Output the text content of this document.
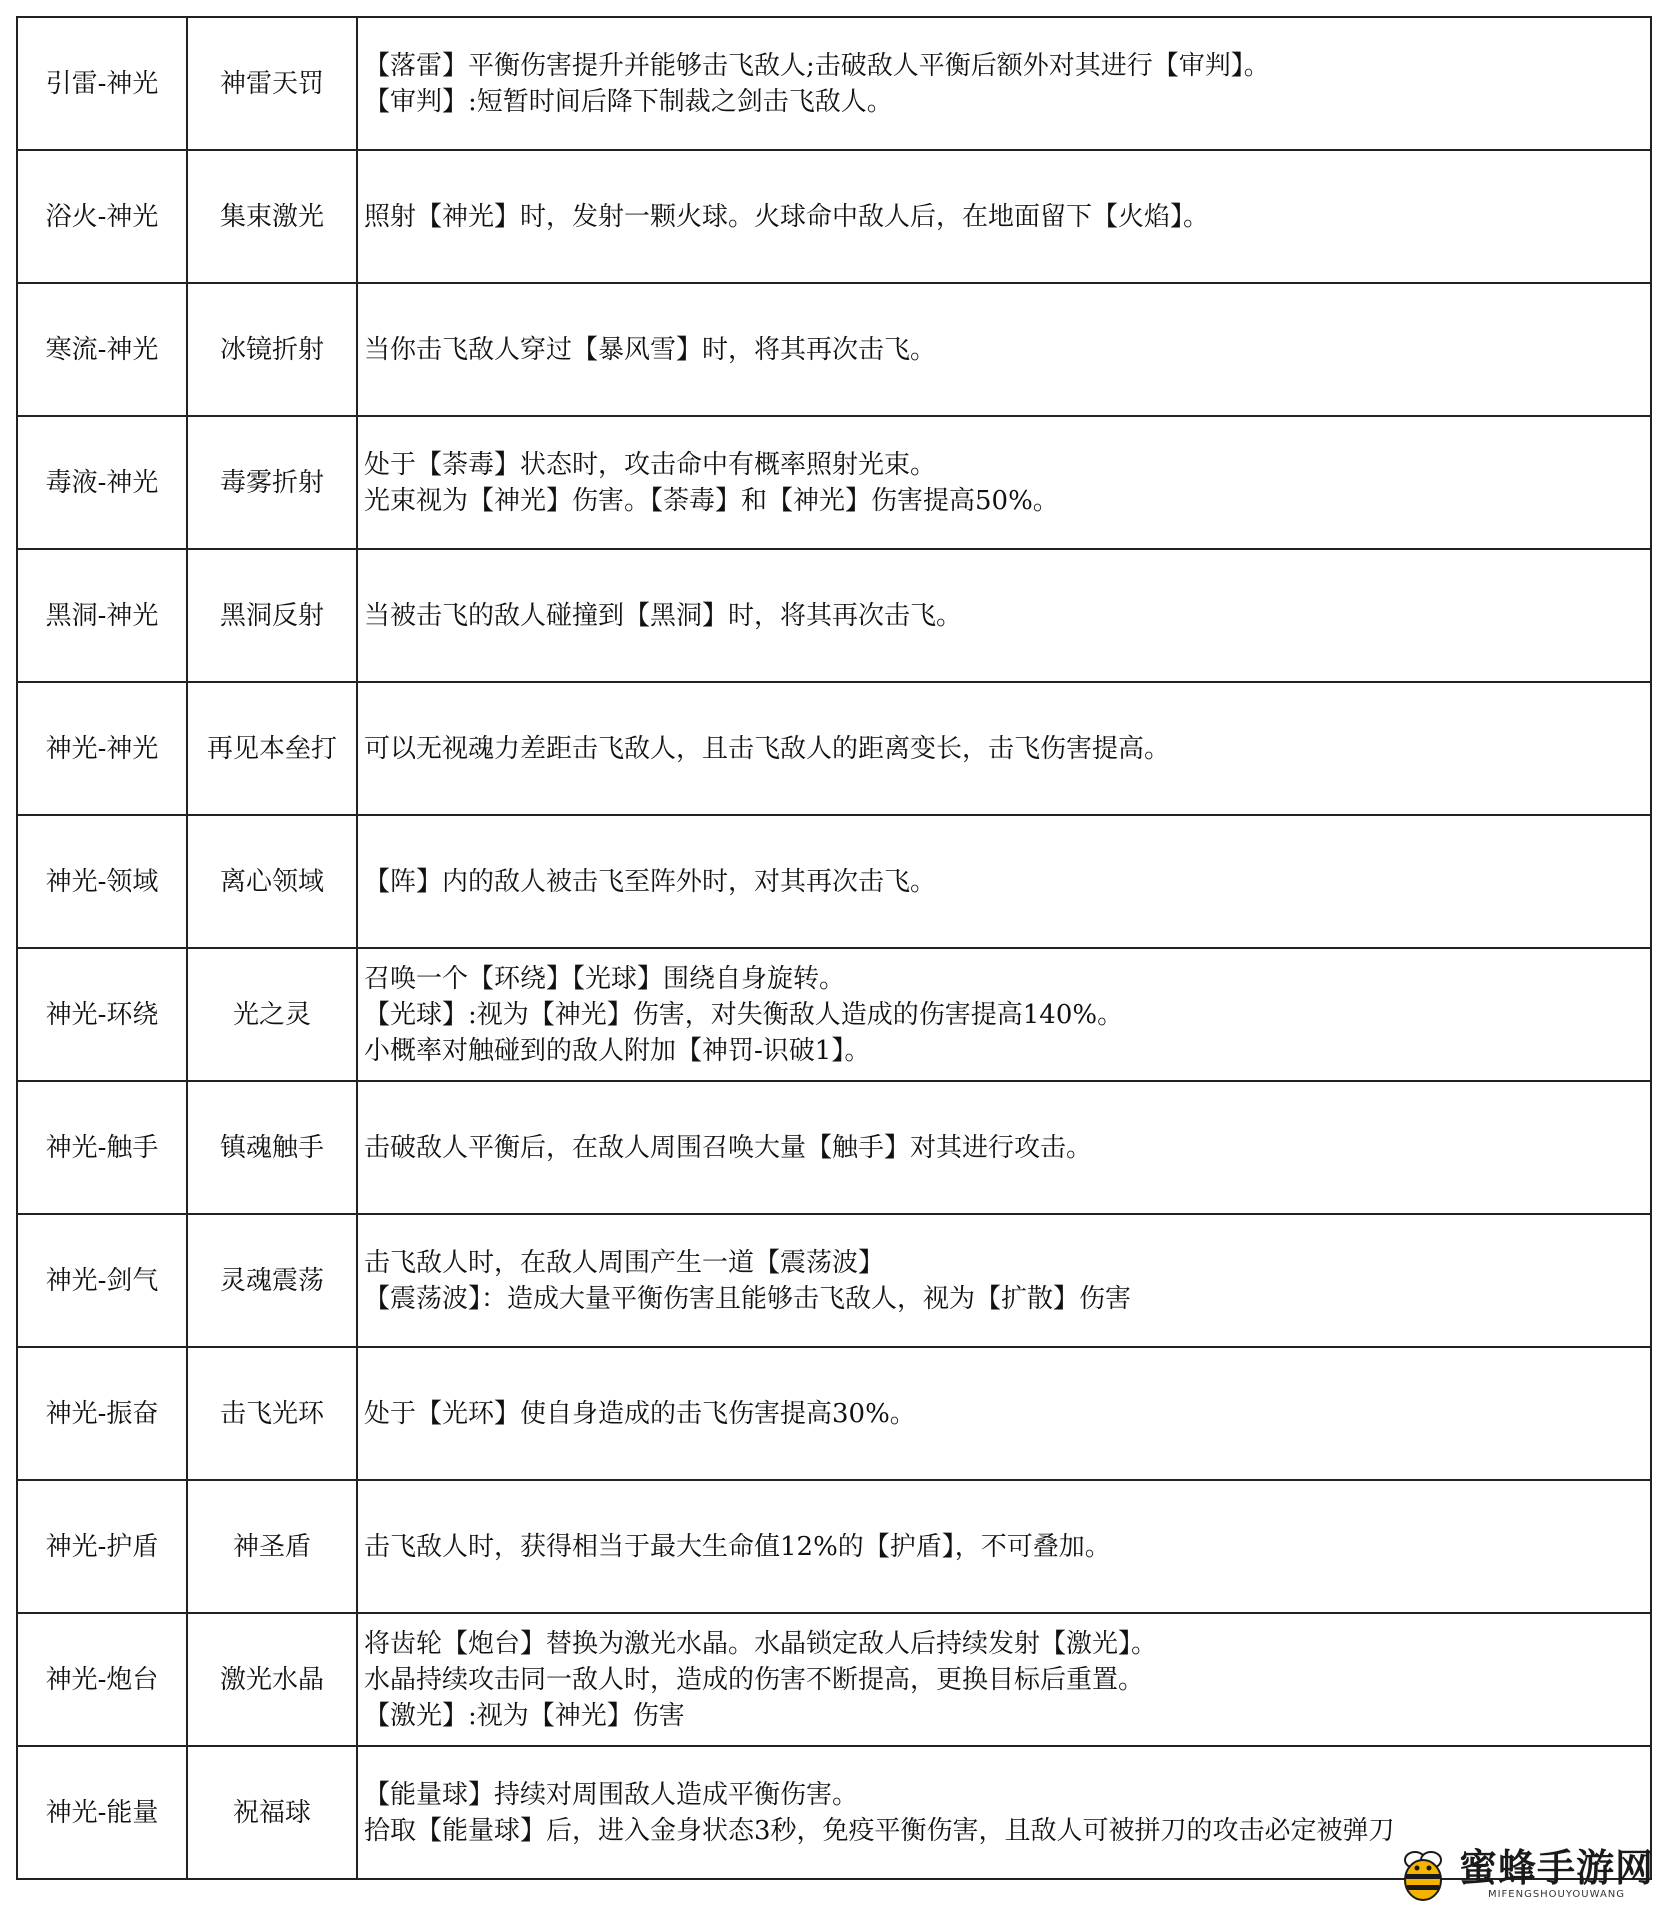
引雷-神光	神雷天罚	【落雷】平衡伤害提升并能够击飞敌人;击破敌人平衡后额外对其进行【审判】。
【审判】:短暂时间后降下制裁之剑击飞敌人。

浴火-神光	集束激光	照射【神光】时，发射一颗火球。火球命中敌人后，在地面留下【火焰】。

寒流-神光	冰镜折射	当你击飞敌人穿过【暴风雪】时，将其再次击飞。

毒液-神光	毒雾折射	处于【荼毒】状态时，攻击命中有概率照射光束。
光束视为【神光】伤害。【荼毒】和【神光】伤害提高50%。

黑洞-神光	黑洞反射	当被击飞的敌人碰撞到【黑洞】时，将其再次击飞。

神光-神光	再见本垒打	可以无视魂力差距击飞敌人，且击飞敌人的距离变长，击飞伤害提高。

神光-领域	离心领域	【阵】内的敌人被击飞至阵外时，对其再次击飞。

神光-环绕	光之灵	召唤一个【环绕】【光球】围绕自身旋转。
【光球】:视为【神光】伤害，对失衡敌人造成的伤害提高140%。
小概率对触碰到的敌人附加【神罚-识破1】。

神光-触手	镇魂触手	击破敌人平衡后，在敌人周围召唤大量【触手】对其进行攻击。

神光-剑气	灵魂震荡	击飞敌人时，在敌人周围产生一道【震荡波】
【震荡波】：造成大量平衡伤害且能够击飞敌人，视为【扩散】伤害

神光-振奋	击飞光环	处于【光环】使自身造成的击飞伤害提高30%。

神光-护盾	神圣盾	击飞敌人时，获得相当于最大生命值12%的【护盾】，不可叠加。

神光-炮台	激光水晶	将齿轮【炮台】替换为激光水晶。水晶锁定敌人后持续发射【激光】。
水晶持续攻击同一敌人时，造成的伤害不断提高，更换目标后重置。
【激光】:视为【神光】伤害

神光-能量	祝福球	【能量球】持续对周围敌人造成平衡伤害。
拾取【能量球】后，进入金身状态3秒，免疫平衡伤害，且敌人可被拼刀的攻击必定被弹刀
蜜蜂手游网
MIFENGSHOUYOUWANG
